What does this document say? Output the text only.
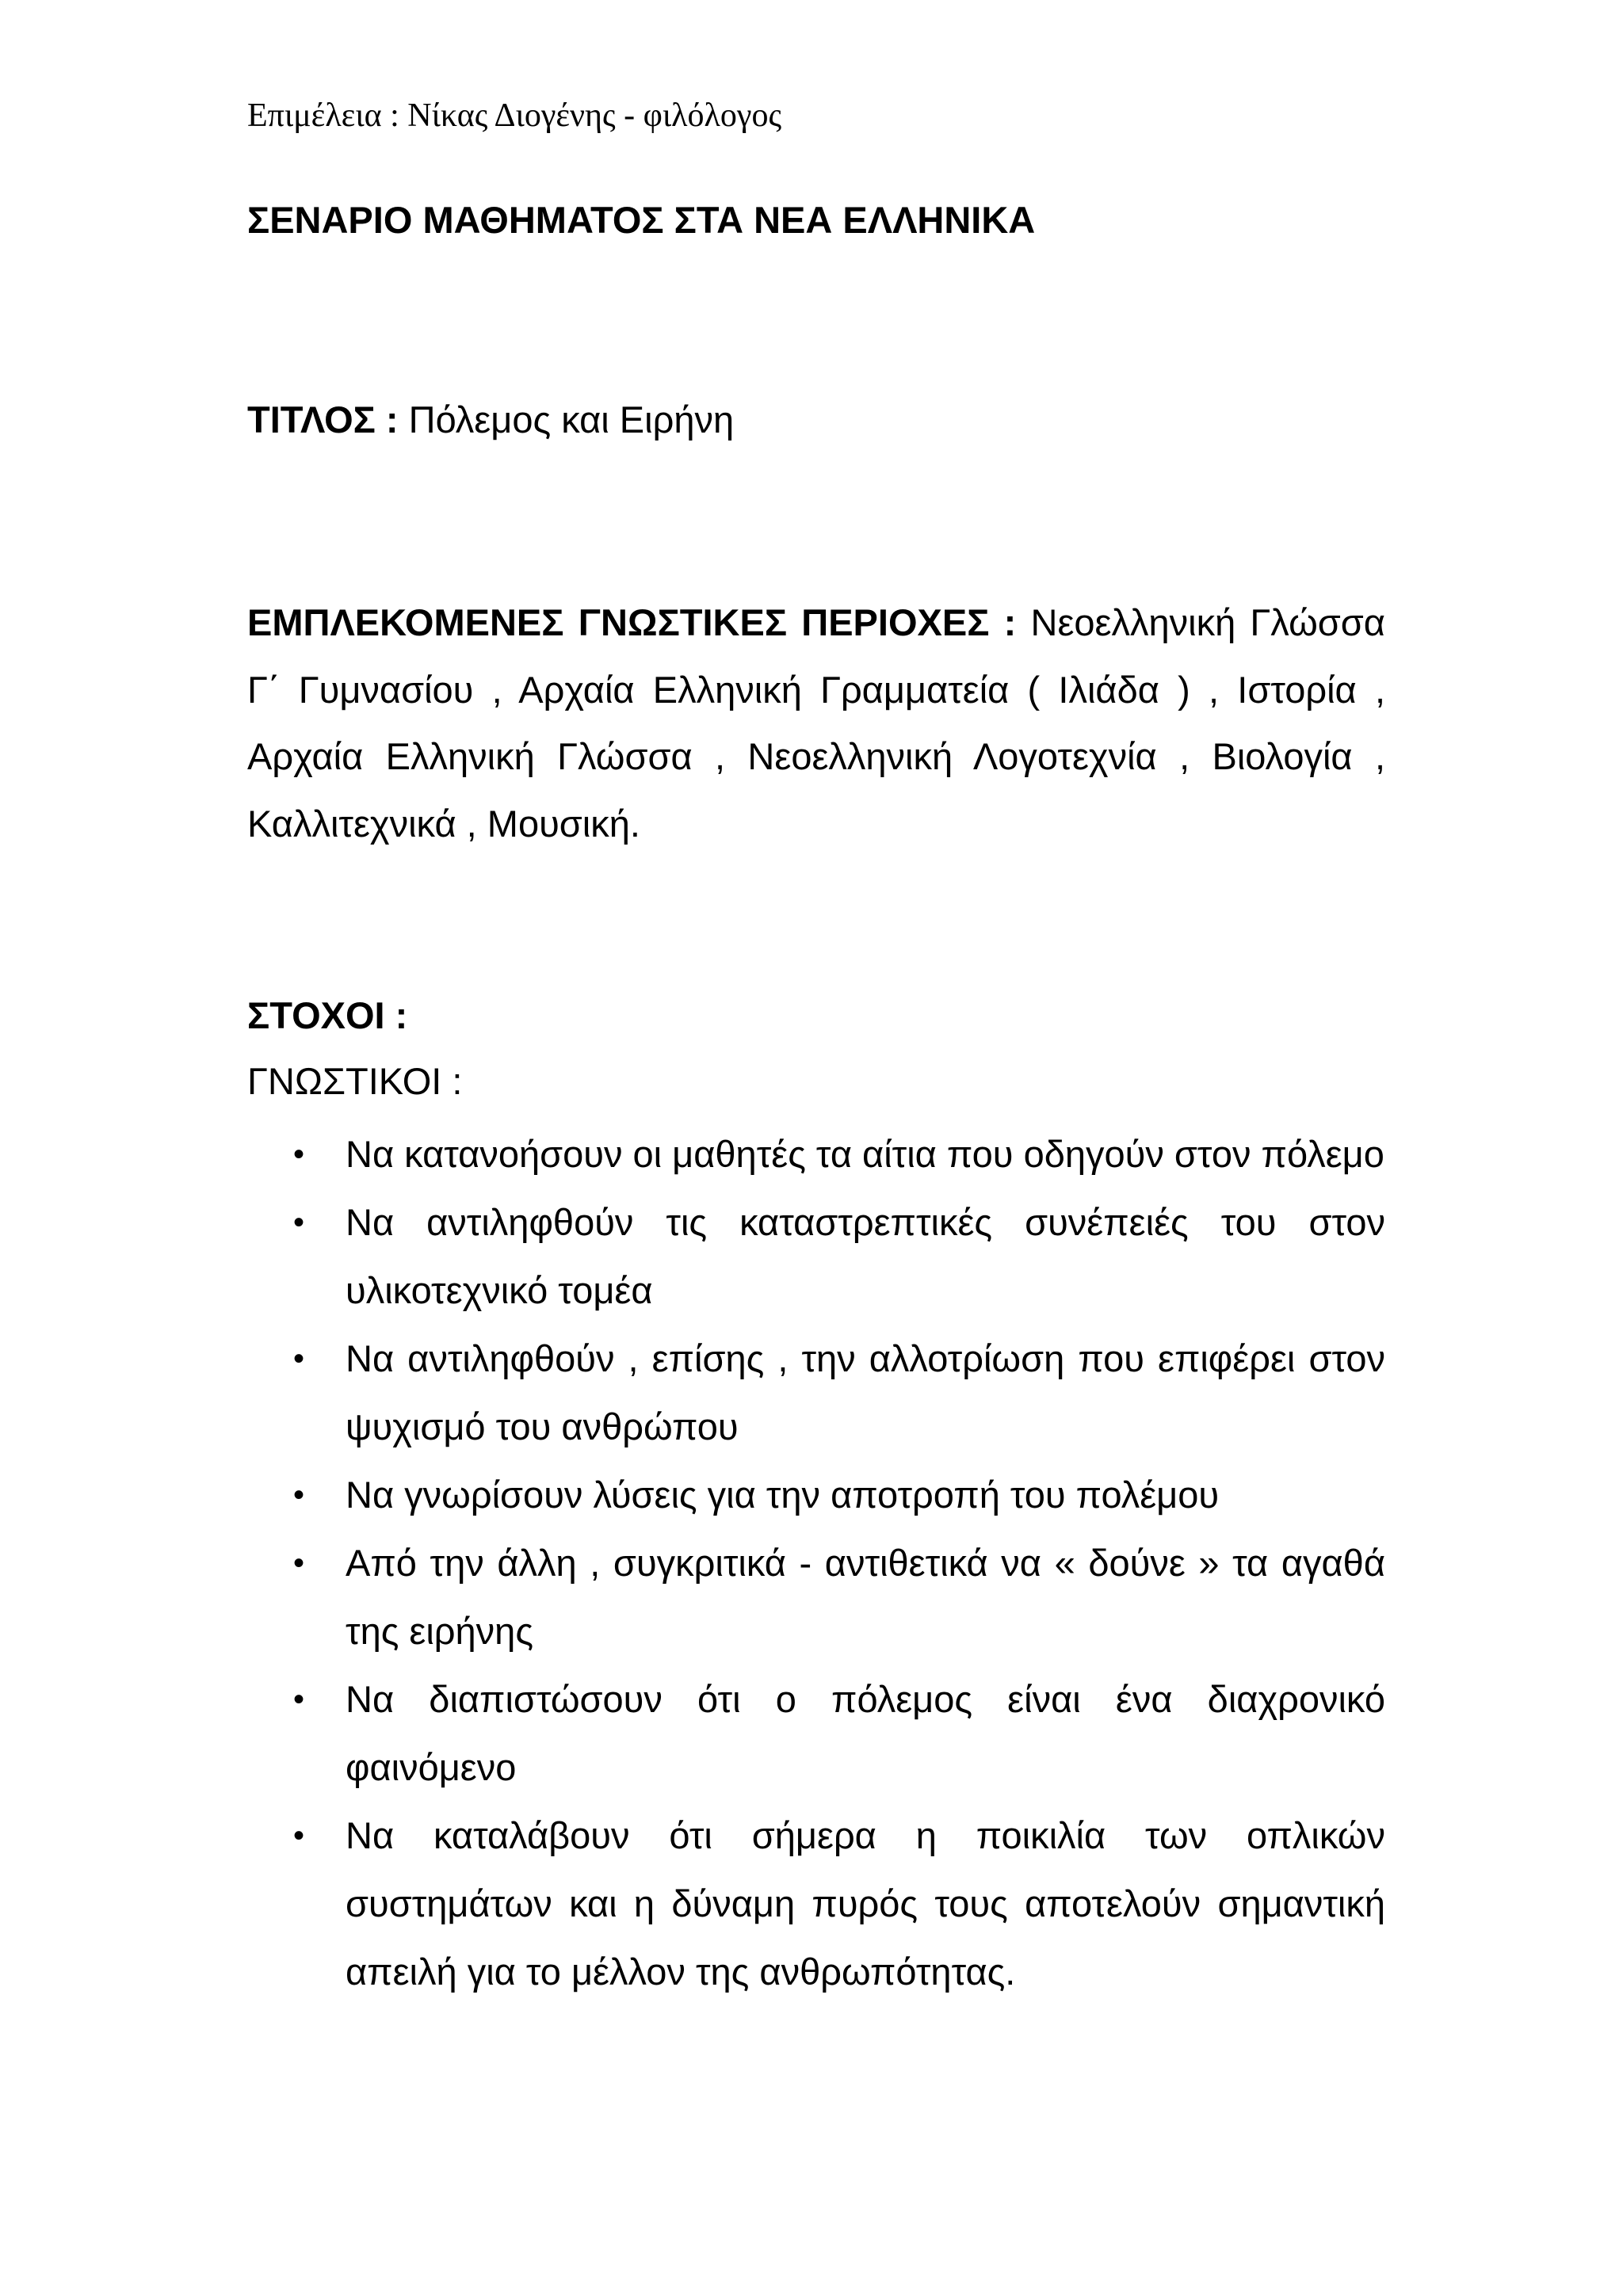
Επιμέλεια : Νίκας Διογένης - φιλόλογος
ΣΕΝΑΡΙΟ ΜΑΘΗΜΑΤΟΣ ΣΤΑ ΝΕΑ ΕΛΛΗΝΙΚΑ
ΤΙΤΛΟΣ : Πόλεμος και Ειρήνη
ΕΜΠΛΕΚΟΜΕΝΕΣ ΓΝΩΣΤΙΚΕΣ ΠΕΡΙΟΧΕΣ : Νεοελληνική Γλώσσα Γ΄ Γυμνασίου , Αρχαία Ελληνική Γραμματεία ( Ιλιάδα ) , Ιστορία , Αρχαία Ελληνική Γλώσσα , Νεοελληνική Λογοτεχνία , Βιολογία , Καλλιτεχνικά , Μουσική.
ΣΤΟΧΟΙ :
ΓΝΩΣΤΙΚΟΙ :
• Να κατανοήσουν οι μαθητές τα αίτια που οδηγούν στον πόλεμο
• Να αντιληφθούν τις καταστρεπτικές συνέπειές του στον υλικοτεχνικό τομέα
• Να αντιληφθούν , επίσης , την αλλοτρίωση που επιφέρει στον ψυχισμό του ανθρώπου
• Να γνωρίσουν λύσεις για την αποτροπή του πολέμου
• Από την άλλη , συγκριτικά - αντιθετικά να « δούνε » τα αγαθά της ειρήνης
• Να διαπιστώσουν ότι ο πόλεμος είναι ένα διαχρονικό φαινόμενο
• Να καταλάβουν ότι σήμερα η ποικιλία των οπλικών συστημάτων και η δύναμη πυρός τους αποτελούν σημαντική απειλή για το μέλλον της ανθρωπότητας.
